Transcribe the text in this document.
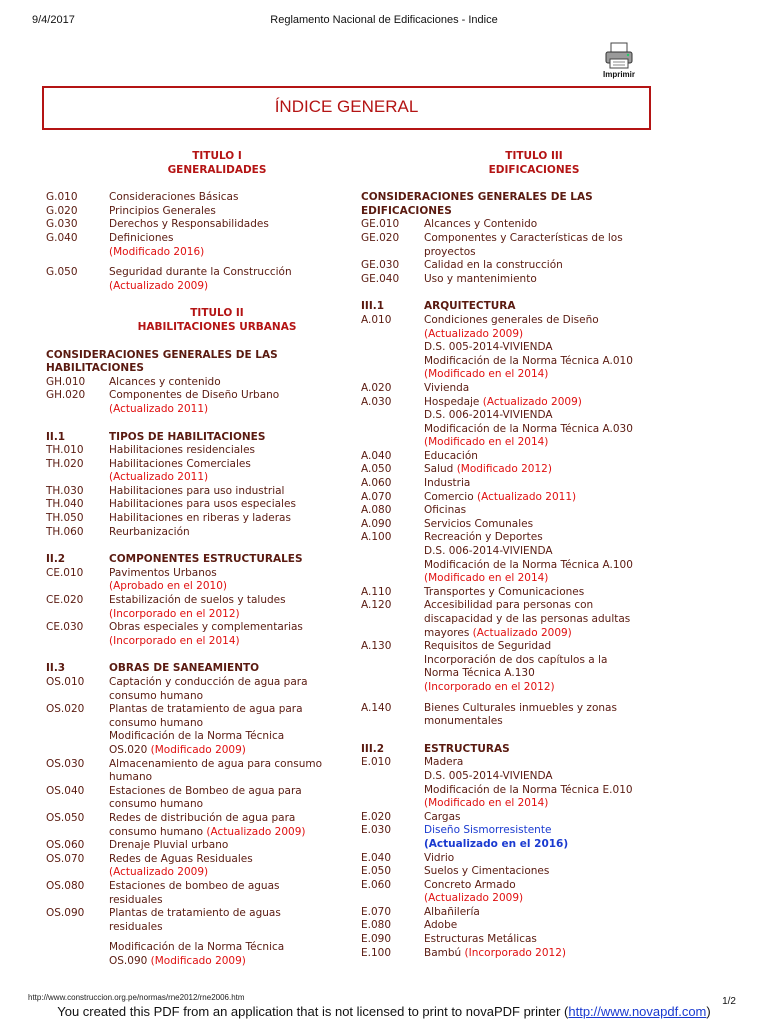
9/4/2017	Reglamento Nacional de Edificaciones - Indice
Imprimir
ÍNDICE GENERAL
TITULO I
GENERALIDADES
G.010	Consideraciones Básicas
G.020	Principios Generales
G.030	Derechos y Responsabilidades
G.040	Definiciones
(Modificado 2016)
G.050	Seguridad durante la Construcción
(Actualizado 2009)
TITULO II
HABILITACIONES URBANAS
CONSIDERACIONES GENERALES DE LAS
HABILITACIONES
GH.010	Alcances y contenido
GH.020	Componentes de Diseño Urbano
(Actualizado 2011)
II.1	TIPOS DE HABILITACIONES
TH.010	Habilitaciones residenciales
TH.020	Habilitaciones Comerciales
(Actualizado 2011)
TH.030	Habilitaciones para uso industrial
TH.040	Habilitaciones para usos especiales
TH.050	Habilitaciones en riberas y laderas
TH.060	Reurbanización
II.2	COMPONENTES ESTRUCTURALES
CE.010	Pavimentos Urbanos
(Aprobado en el 2010)
CE.020	Estabilización de suelos y taludes
(Incorporado en el 2012)
CE.030	Obras especiales y complementarias
(Incorporado en el 2014)
II.3	OBRAS DE SANEAMIENTO
OS.010	Captación y conducción de agua para
consumo humano
OS.020	Plantas de tratamiento de agua para
consumo humano
Modificación de la Norma Técnica
OS.020 (Modificado 2009)
OS.030	Almacenamiento de agua para consumo
humano
OS.040	Estaciones de Bombeo de agua para
consumo humano
OS.050	Redes de distribución de agua para
consumo humano (Actualizado 2009)
OS.060	Drenaje Pluvial urbano
OS.070	Redes de Aguas Residuales
(Actualizado 2009)
OS.080	Estaciones de bombeo de aguas
residuales
OS.090	Plantas de tratamiento de aguas
residuales
Modificación de la Norma Técnica
OS.090 (Modificado 2009)
TITULO III
EDIFICACIONES
CONSIDERACIONES GENERALES DE LAS
EDIFICACIONES
GE.010	Alcances y Contenido
GE.020	Componentes y Características de los
proyectos
GE.030	Calidad en la construcción
GE.040	Uso y mantenimiento
III.1	ARQUITECTURA
A.010	Condiciones generales de Diseño
(Actualizado 2009)
D.S. 005-2014-VIVIENDA
Modificación de la Norma Técnica A.010
(Modificado en el 2014)
A.020	Vivienda
A.030	Hospedaje (Actualizado 2009)
D.S. 006-2014-VIVIENDA
Modificación de la Norma Técnica A.030
(Modificado en el 2014)
A.040	Educación
A.050	Salud (Modificado 2012)
A.060	Industria
A.070	Comercio (Actualizado 2011)
A.080	Oficinas
A.090	Servicios Comunales
A.100	Recreación y Deportes
D.S. 006-2014-VIVIENDA
Modificación de la Norma Técnica A.100
(Modificado en el 2014)
A.110	Transportes y Comunicaciones
A.120	Accesibilidad para personas con
discapacidad y de las personas adultas
mayores (Actualizado 2009)
A.130	Requisitos de Seguridad
Incorporación de dos capítulos a la
Norma Técnica A.130
(Incorporado en el 2012)
A.140	Bienes Culturales inmuebles y zonas
monumentales
III.2	ESTRUCTURAS
E.010	Madera
D.S. 005-2014-VIVIENDA
Modificación de la Norma Técnica E.010
(Modificado en el 2014)
E.020	Cargas
E.030	Diseño Sismorresistente
(Actualizado en el 2016)
E.040	Vidrio
E.050	Suelos y Cimentaciones
E.060	Concreto Armado
(Actualizado 2009)
E.070	Albañilería
E.080	Adobe
E.090	Estructuras Metálicas
E.100	Bambú (Incorporado 2012)
http://www.construccion.org.pe/normas/rne2012/rne2006.htm	1/2
You created this PDF from an application that is not licensed to print to novaPDF printer (http://www.novapdf.com)
